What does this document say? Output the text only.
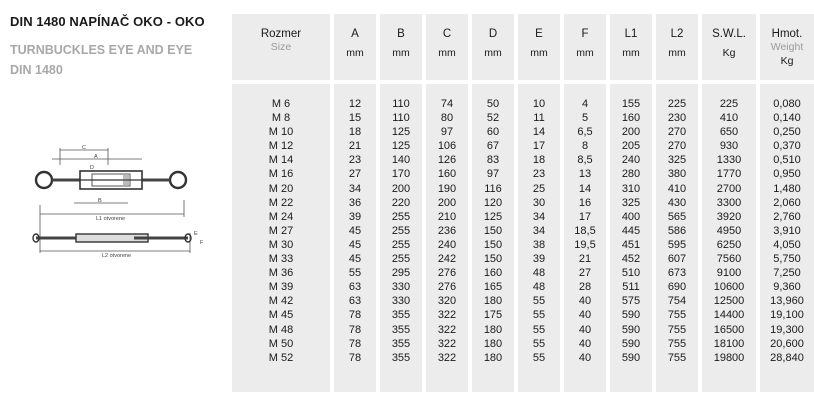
DIN 1480 NAPÍNAČ OKO - OKO
TURNBUCKLES EYE AND EYE
DIN 1480
C
A
D
B
L1 otvorene
L2 otvorene
E
F
Rozmer
Size
M 6
M 8
M 10
M 12
M 14
M 16
M 20
M 22
M 24
M 27
M 30
M 33
M 36
M 39
M 42
M 45
M 48
M 50
M 52
A
mm
12
15
18
21
23
27
34
36
39
45
45
45
55
63
63
78
78
78
78
B
mm
110
110
125
125
140
170
200
220
255
255
255
255
295
330
330
355
355
355
355
C
mm
74
80
97
106
126
160
190
200
210
236
240
242
276
276
320
322
322
322
322
D
mm
50
52
60
67
83
97
116
120
125
150
150
150
160
165
180
175
180
180
180
E
mm
10
11
14
17
18
23
25
30
34
34
38
39
48
48
55
55
55
55
55
F
mm
4
5
6,5
8
8,5
13
14
16
17
18,5
19,5
21
27
28
40
40
40
40
40
L1
mm
155
160
200
205
240
280
310
325
400
445
451
452
510
511
575
590
590
590
590
L2
mm
225
230
270
270
325
380
410
430
565
586
595
607
673
690
754
755
755
755
755
S.W.L.
Kg
225
410
650
930
1330
1770
2700
3300
3920
4950
6250
7560
9100
10600
12500
14400
16500
18100
19800
Hmot.
Weight
Kg
0,080
0,140
0,250
0,370
0,510
0,950
1,480
2,060
2,760
3,910
4,050
5,750
7,250
9,360
13,960
19,100
19,300
20,600
28,840
